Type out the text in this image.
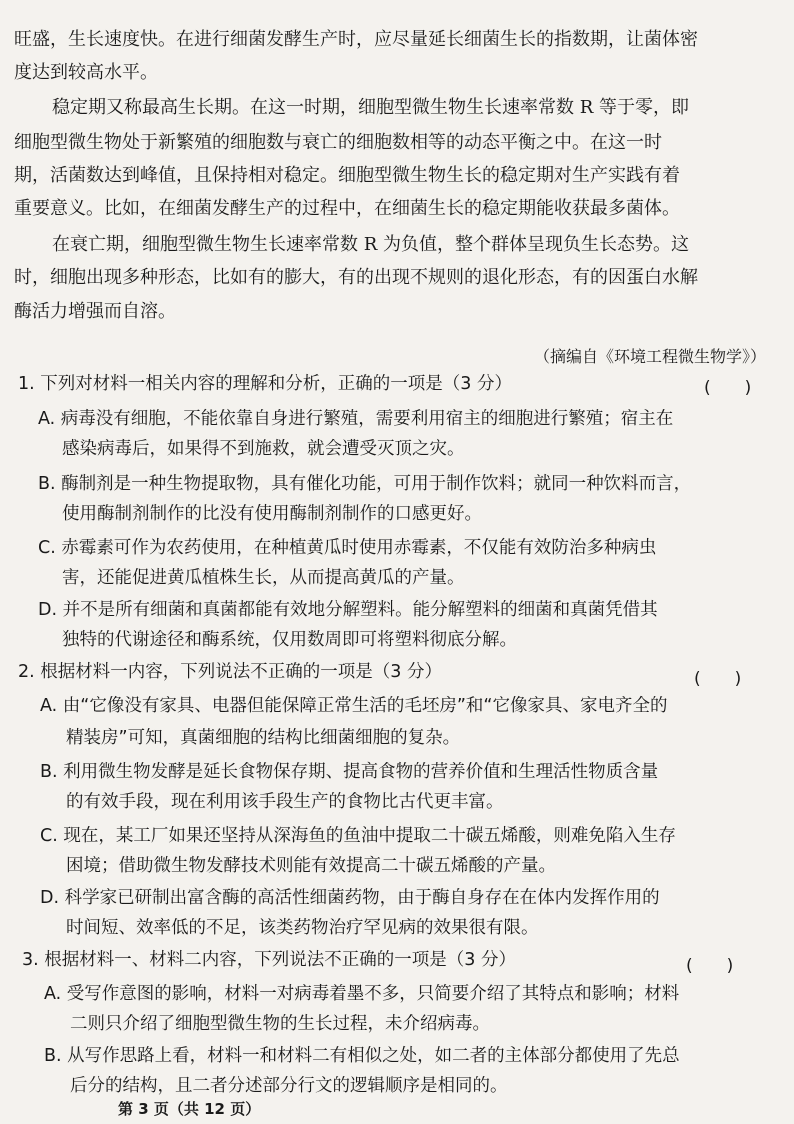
旺盛，生长速度快。在进行细菌发酵生产时，应尽量延长细菌生长的指数期，让菌体密
度达到较高水平。
稳定期又称最高生长期。在这一时期，细胞型微生物生长速率常数 R 等于零，即
细胞型微生物处于新繁殖的细胞数与衰亡的细胞数相等的动态平衡之中。在这一时
期，活菌数达到峰值，且保持相对稳定。细胞型微生物生长的稳定期对生产实践有着
重要意义。比如，在细菌发酵生产的过程中，在细菌生长的稳定期能收获最多菌体。
在衰亡期，细胞型微生物生长速率常数 R 为负值，整个群体呈现负生长态势。这
时，细胞出现多种形态，比如有的膨大，有的出现不规则的退化形态，有的因蛋白水解
酶活力增强而自溶。
（摘编自《环境工程微生物学》）
1. 下列对材料一相关内容的理解和分析，正确的一项是（3 分）	(　　)
A. 病毒没有细胞，不能依靠自身进行繁殖，需要利用宿主的细胞进行繁殖；宿主在
感染病毒后，如果得不到施救，就会遭受灭顶之灾。
B. 酶制剂是一种生物提取物，具有催化功能，可用于制作饮料；就同一种饮料而言，
使用酶制剂制作的比没有使用酶制剂制作的口感更好。
C. 赤霉素可作为农药使用，在种植黄瓜时使用赤霉素，不仅能有效防治多种病虫
害，还能促进黄瓜植株生长，从而提高黄瓜的产量。
D. 并不是所有细菌和真菌都能有效地分解塑料。能分解塑料的细菌和真菌凭借其
独特的代谢途径和酶系统，仅用数周即可将塑料彻底分解。
2. 根据材料一内容，下列说法不正确的一项是（3 分）	(　　)
A. 由“它像没有家具、电器但能保障正常生活的毛坯房”和“它像家具、家电齐全的
精装房”可知，真菌细胞的结构比细菌细胞的复杂。
B. 利用微生物发酵是延长食物保存期、提高食物的营养价值和生理活性物质含量
的有效手段，现在利用该手段生产的食物比古代更丰富。
C. 现在，某工厂如果还坚持从深海鱼的鱼油中提取二十碳五烯酸，则难免陷入生存
困境；借助微生物发酵技术则能有效提高二十碳五烯酸的产量。
D. 科学家已研制出富含酶的高活性细菌药物，由于酶自身存在在体内发挥作用的
时间短、效率低的不足，该类药物治疗罕见病的效果很有限。
3. 根据材料一、材料二内容，下列说法不正确的一项是（3 分）	(　　)
A. 受写作意图的影响，材料一对病毒着墨不多，只简要介绍了其特点和影响；材料
二则只介绍了细胞型微生物的生长过程，未介绍病毒。
B. 从写作思路上看，材料一和材料二有相似之处，如二者的主体部分都使用了先总
后分的结构，且二者分述部分行文的逻辑顺序是相同的。
第 3 页（共 12 页）
